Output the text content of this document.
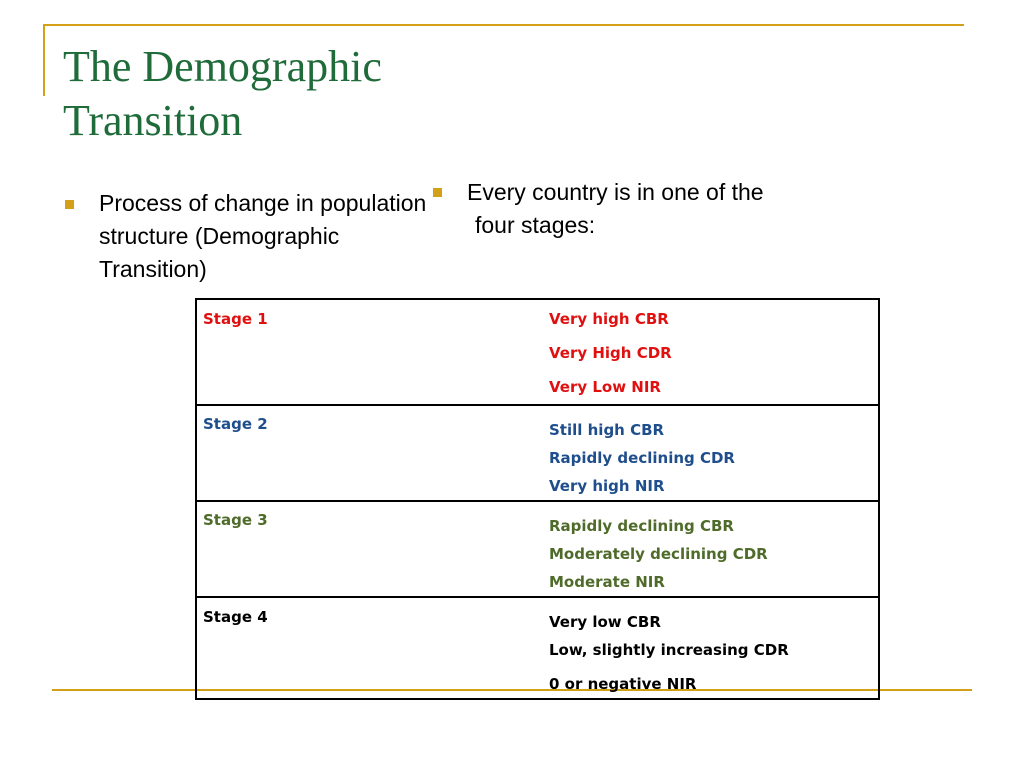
The Demographic
Transition
Process of change in population structure (Demographic Transition)
Every country is in one of the
four stages:
Stage 1	Very high CBR
Very High CDR
Very Low NIR

Stage 2	Still high CBR
Rapidly declining CDR
Very high NIR

Stage 3	Rapidly declining CBR
Moderately declining CDR
Moderate NIR

Stage 4	Very low CBR
Low, slightly increasing CDR
0 or negative NIR
